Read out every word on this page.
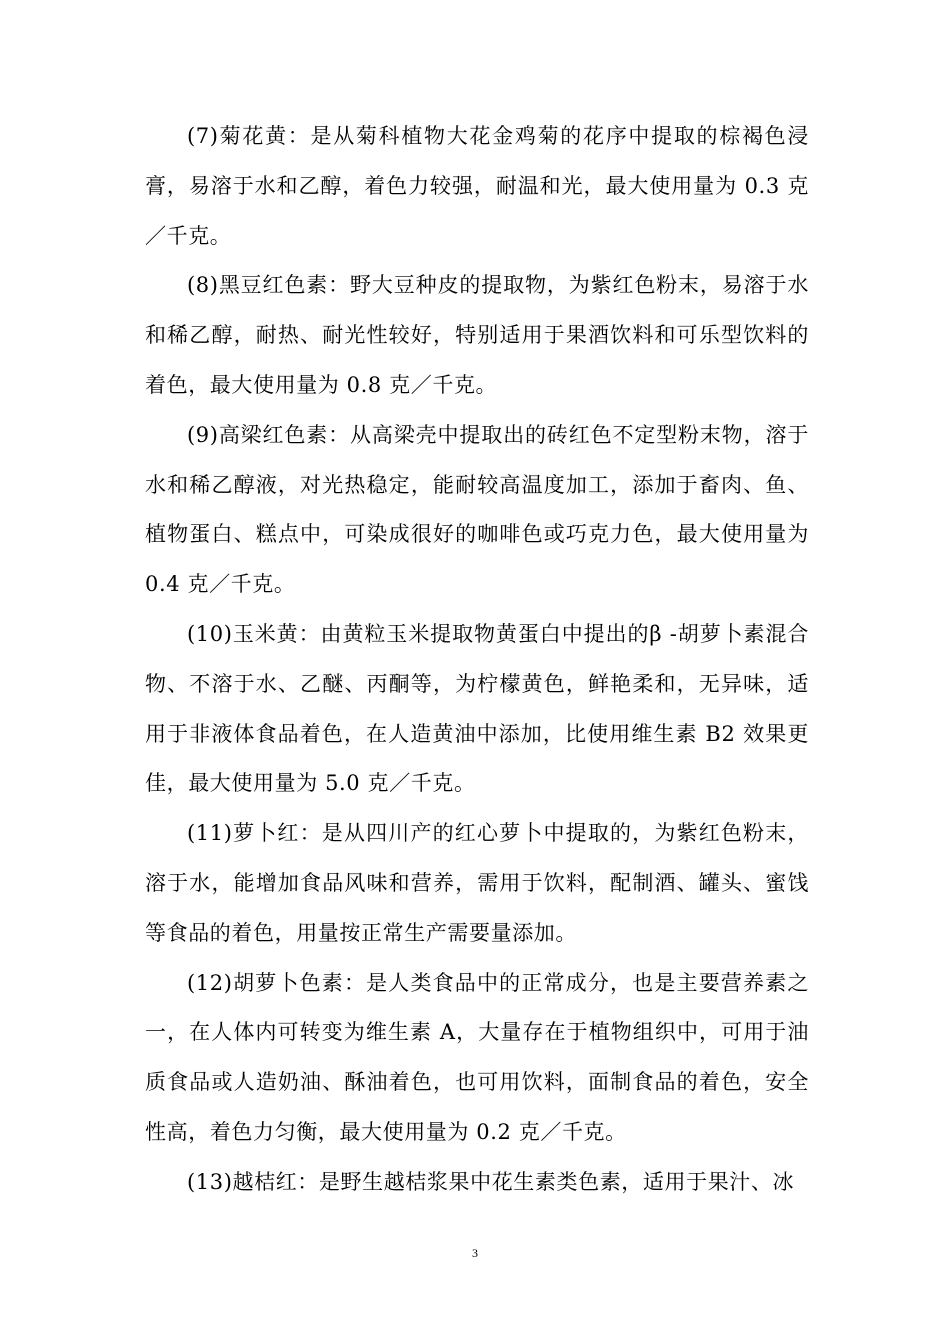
(7)菊花黄：是从菊科植物大花金鸡菊的花序中提取的棕褐色浸膏，易溶于水和乙醇，着色力较强，耐温和光，最大使用量为 0.3 克／千克。

(8)黑豆红色素：野大豆种皮的提取物，为紫红色粉末，易溶于水和稀乙醇，耐热、耐光性较好，特别适用于果酒饮料和可乐型饮料的着色，最大使用量为 0.8 克／千克。

(9)高梁红色素：从高梁壳中提取出的砖红色不定型粉末物，溶于水和稀乙醇液，对光热稳定，能耐较高温度加工，添加于畜肉、鱼、植物蛋白、糕点中，可染成很好的咖啡色或巧克力色，最大使用量为 0.4 克／千克。

(10)玉米黄：由黄粒玉米提取物黄蛋白中提出的β -胡萝卜素混合物、不溶于水、乙醚、丙酮等，为柠檬黄色，鲜艳柔和，无异味，适用于非液体食品着色，在人造黄油中添加，比使用维生素 B2 效果更佳，最大使用量为 5.0 克／千克。

(11)萝卜红：是从四川产的红心萝卜中提取的，为紫红色粉末，溶于水，能增加食品风味和营养，需用于饮料，配制酒、罐头、蜜饯等食品的着色，用量按正常生产需要量添加。

(12)胡萝卜色素：是人类食品中的正常成分，也是主要营养素之一，在人体内可转变为维生素 A，大量存在于植物组织中，可用于油质食品或人造奶油、酥油着色，也可用饮料，面制食品的着色，安全性高，着色力匀衡，最大使用量为 0.2 克／千克。

(13)越桔红：是野生越桔浆果中花生素类色素，适用于果汁、冰

3
